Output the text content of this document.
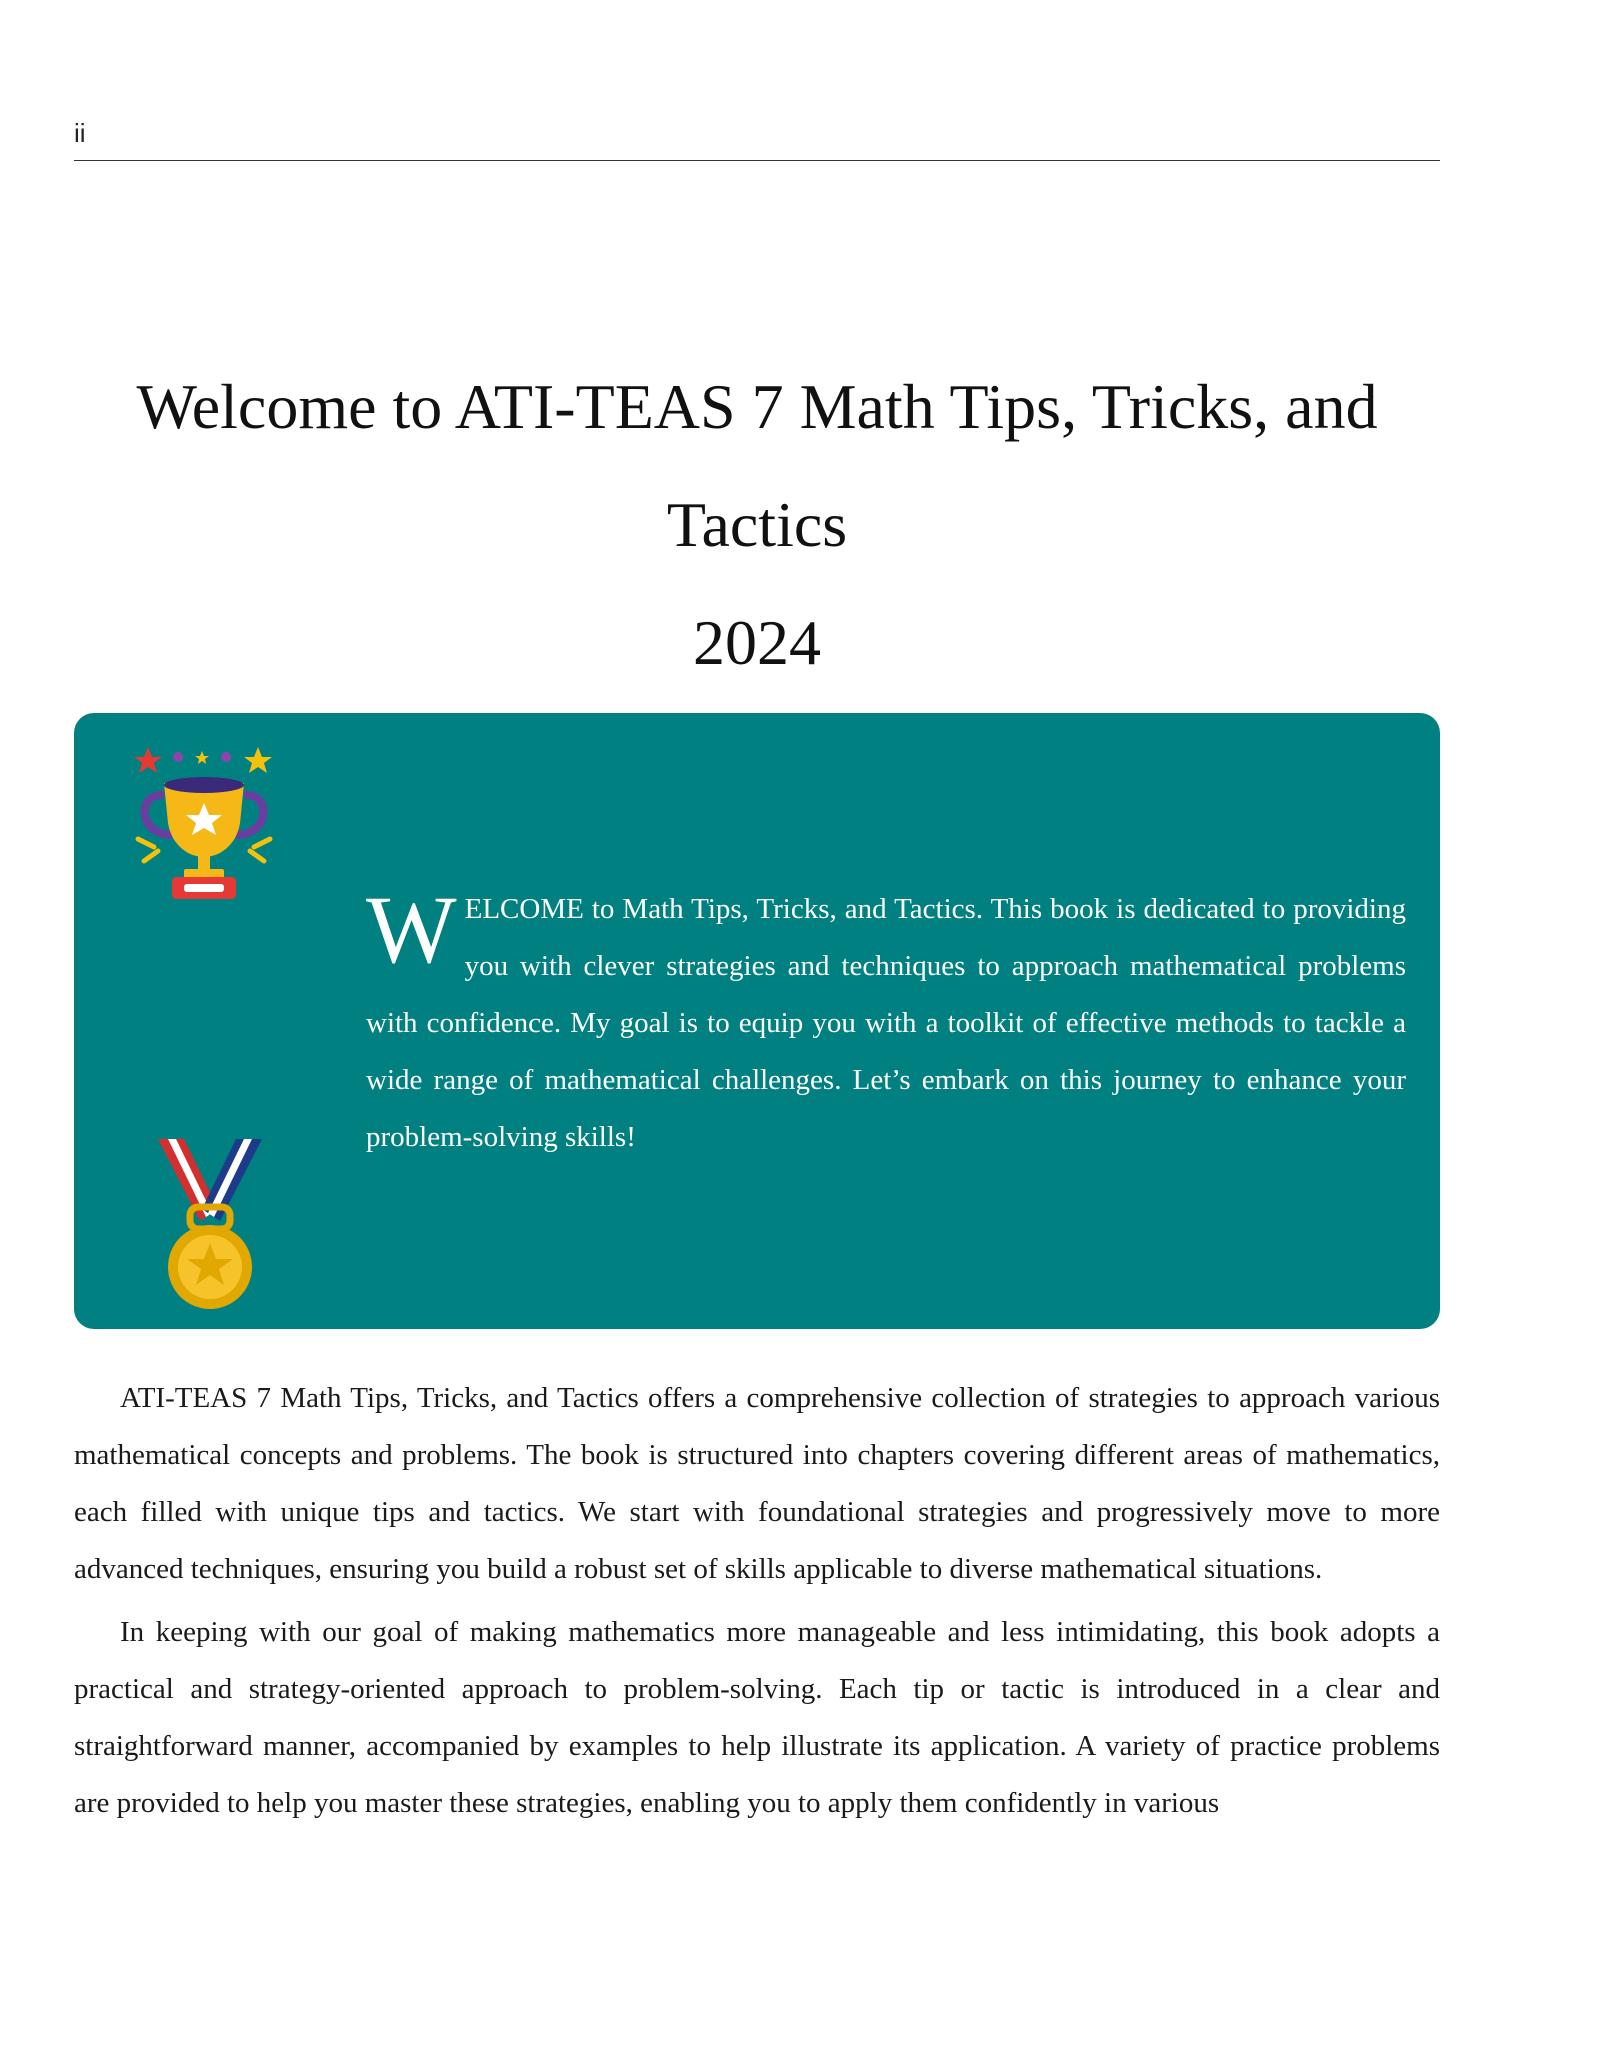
ii
Welcome to ATI-TEAS 7 Math Tips, Tricks, and
Tactics
2024
WELCOME to Math Tips, Tricks, and Tactics. This book is dedicated to providing you with clever strategies and techniques to approach mathematical problems with confidence. My goal is to equip you with a toolkit of effective methods to tackle a wide range of mathematical challenges. Let’s embark on this journey to enhance your problem-solving skills!

ATI-TEAS 7 Math Tips, Tricks, and Tactics offers a comprehensive collection of strategies to approach various mathematical concepts and problems. The book is structured into chapters covering different areas of mathematics, each filled with unique tips and tactics. We start with foundational strategies and progressively move to more advanced techniques, ensuring you build a robust set of skills applicable to diverse mathematical situations.

In keeping with our goal of making mathematics more manageable and less intimidating, this book adopts a practical and strategy-oriented approach to problem-solving. Each tip or tactic is introduced in a clear and straightforward manner, accompanied by examples to help illustrate its application. A variety of practice problems are provided to help you master these strategies, enabling you to apply them confidently in various
